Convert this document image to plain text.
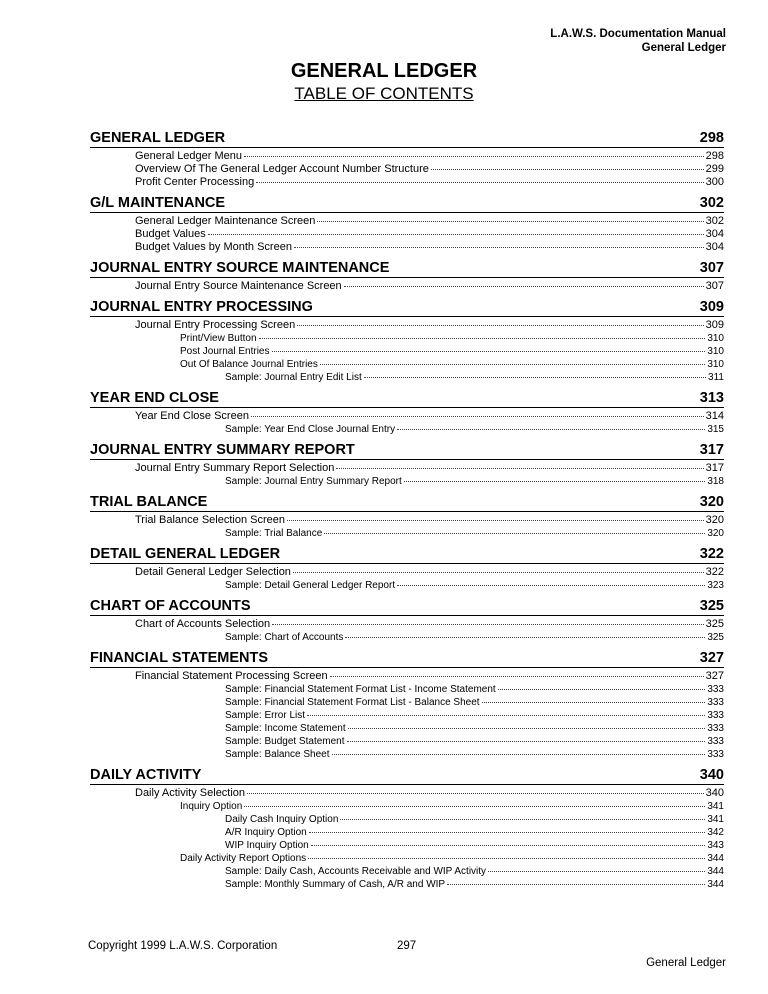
L.A.W.S. Documentation Manual
General Ledger
GENERAL LEDGER
TABLE OF CONTENTS
GENERAL LEDGER	298
General Ledger Menu	298
Overview Of The General Ledger Account Number Structure	299
Profit Center Processing	300
G/L MAINTENANCE	302
General Ledger Maintenance Screen	302
Budget Values	304
Budget Values by Month Screen	304
JOURNAL ENTRY SOURCE MAINTENANCE	307
Journal Entry Source Maintenance Screen	307
JOURNAL ENTRY PROCESSING	309
Journal Entry Processing Screen	309
Print/View Button	310
Post Journal Entries	310
Out Of Balance Journal Entries	310
Sample: Journal Entry Edit List	311
YEAR END CLOSE	313
Year End Close Screen	314
Sample: Year End Close Journal Entry	315
JOURNAL ENTRY SUMMARY REPORT	317
Journal Entry Summary Report Selection	317
Sample: Journal Entry Summary Report	318
TRIAL BALANCE	320
Trial Balance Selection Screen	320
Sample: Trial Balance	320
DETAIL GENERAL LEDGER	322
Detail General Ledger Selection	322
Sample: Detail General Ledger Report	323
CHART OF ACCOUNTS	325
Chart of Accounts Selection	325
Sample: Chart of Accounts	325
FINANCIAL STATEMENTS	327
Financial Statement Processing Screen	327
Sample: Financial Statement Format List - Income Statement	333
Sample: Financial Statement Format List - Balance Sheet	333
Sample: Error List	333
Sample: Income Statement	333
Sample: Budget Statement	333
Sample: Balance Sheet	333
DAILY ACTIVITY	340
Daily Activity Selection	340
Inquiry Option	341
Daily Cash Inquiry Option	341
A/R Inquiry Option	342
WIP Inquiry Option	343
Daily Activity Report Options	344
Sample: Daily Cash, Accounts Receivable and WIP Activity	344
Sample: Monthly Summary of Cash, A/R and WIP	344
Copyright 1999 L.A.W.S. Corporation	297
General Ledger
